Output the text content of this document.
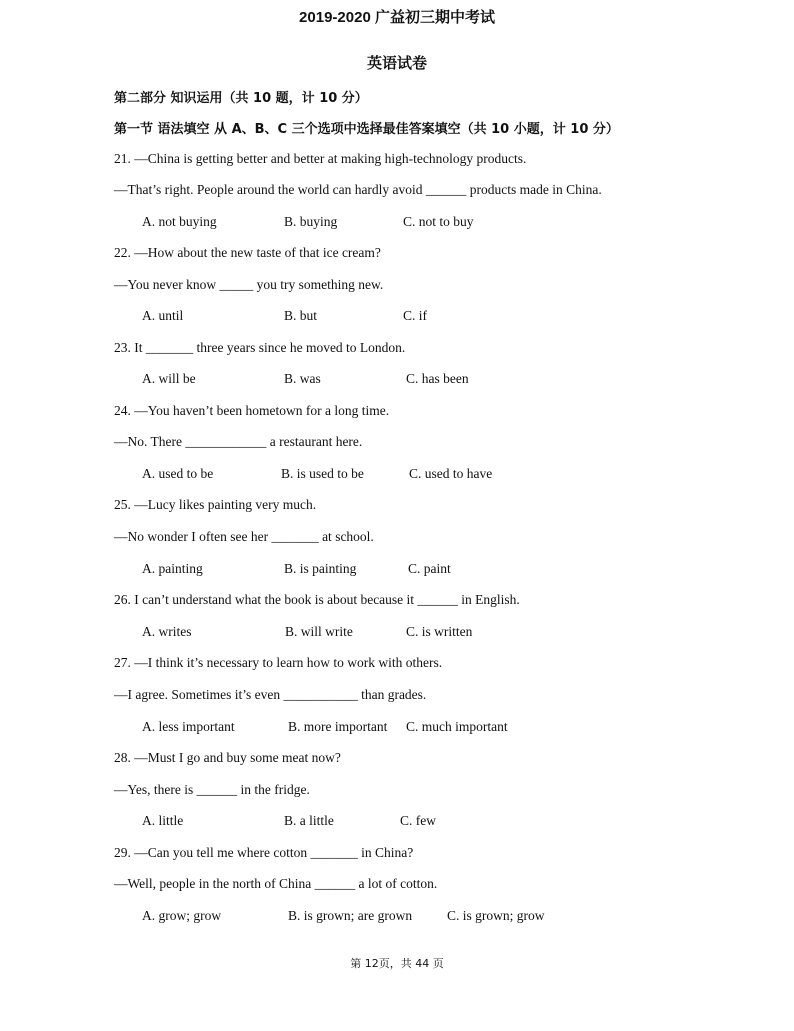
2019-2020 广益初三期中考试
英语试卷
第二部分 知识运用（共 10 题，计 10 分）
第一节 语法填空 从 A、B、C 三个选项中选择最佳答案填空（共 10 小题，计 10 分）
21. —China is getting better and better at making high-technology products.
—That’s right. People around the world can hardly avoid ______ products made in China.
A. not buying	B. buying	C. not to buy
22. —How about the new taste of that ice cream?
—You never know _____ you try something new.
A. until	B. but	C. if
23. It _______ three years since he moved to London.
A. will be	B. was	C. has been
24. —You haven’t been hometown for a long time.
—No. There ____________ a restaurant here.
A. used to be	B. is used to be	C. used to have
25. —Lucy likes painting very much.
—No wonder I often see her _______ at school.
A. painting	B. is painting	C. paint
26. I can’t understand what the book is about because it ______ in English.
A. writes	B. will write	C. is written
27. —I think it’s necessary to learn how to work with others.
—I agree. Sometimes it’s even ___________ than grades.
A. less important	B. more important C. much important
28. —Must I go and buy some meat now?
—Yes, there is ______ in the fridge.
A. little	B. a little	C. few
29. —Can you tell me where cotton _______ in China?
—Well, people in the north of China ______ a lot of cotton.
A. grow; grow	B. is grown; are grown	C. is grown; grow
第 12页，共 44 页
